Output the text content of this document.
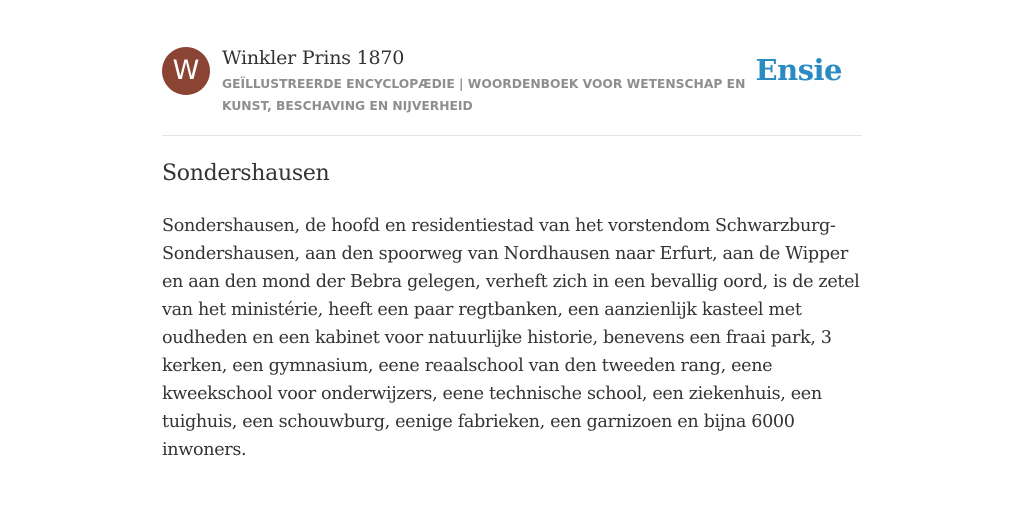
W	Winkler Prins 1870

GEÏLLUSTREERDE ENCYCLOPÆDIE | WOORDENBOEK VOOR WETENSCHAP EN KUNST, BESCHAVING EN NIJVERHEID
Ensie
Sondershausen

Sondershausen, de hoofd en residentiestad van het vorstendom Schwarzburg-Sondershausen, aan den spoorweg van Nordhausen naar Erfurt, aan de Wipper en aan den mond der Bebra gelegen, verheft zich in een bevallig oord, is de zetel van het ministérie, heeft een paar regtbanken, een aanzienlijk kasteel met oudheden en een kabinet voor natuurlijke historie, benevens een fraai park, 3 kerken, een gymnasium, eene reaalschool van den tweeden rang, eene kweekschool voor onderwijzers, eene technische school, een ziekenhuis, een tuighuis, een schouwburg, eenige fabrieken, een garnizoen en bijna 6000 inwoners.
